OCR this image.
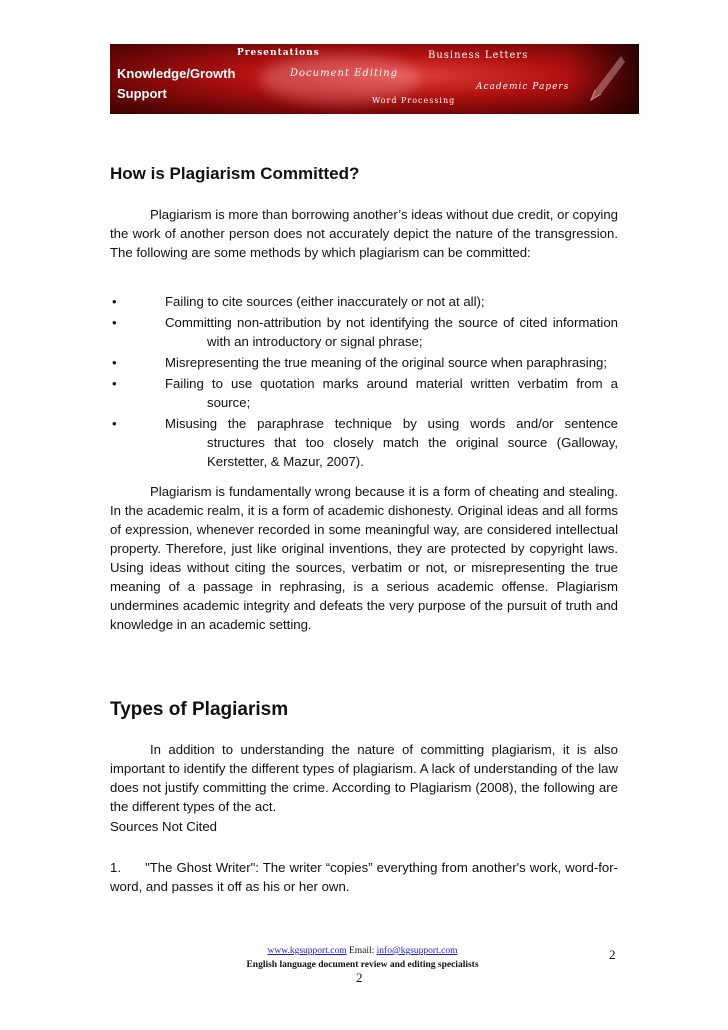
Knowledge/Growth
Support
Presentations
Document Editing
Business Letters
Academic Papers
Word Processing
How is Plagiarism Committed?

Plagiarism is more than borrowing another’s ideas without due credit, or copying the work of another person does not accurately depict the nature of the transgression. The following are some methods by which plagiarism can be committed:

•	Failing to cite sources (either inaccurately or not at all);
•	Committing non-attribution by not identifying the source of cited information with an introductory or signal phrase;
•	Misrepresenting the true meaning of the original source when paraphrasing;
•	Failing to use quotation marks around material written verbatim from a source;
•	Misusing the paraphrase technique by using words and/or sentence structures that too closely match the original source (Galloway, Kerstetter, & Mazur, 2007).

Plagiarism is fundamentally wrong because it is a form of cheating and stealing. In the academic realm, it is a form of academic dishonesty. Original ideas and all forms of expression, whenever recorded in some meaningful way, are considered intellectual property. Therefore, just like original inventions, they are protected by copyright laws. Using ideas without citing the sources, verbatim or not, or misrepresenting the true meaning of a passage in rephrasing, is a serious academic offense. Plagiarism undermines academic integrity and defeats the very purpose of the pursuit of truth and knowledge in an academic setting.

Types of Plagiarism

In addition to understanding the nature of committing plagiarism, it is also important to identify the different types of plagiarism. A lack of understanding of the law does not justify committing the crime. According to Plagiarism (2008), the following are the different types of the act.

Sources Not Cited

1.      "The Ghost Writer": The writer “copies” everything from another's work, word-for-word, and passes it off as his or her own.

www.kgsupport.com Email: info@kgsupport.com
English language document review and editing specialists
2
2
